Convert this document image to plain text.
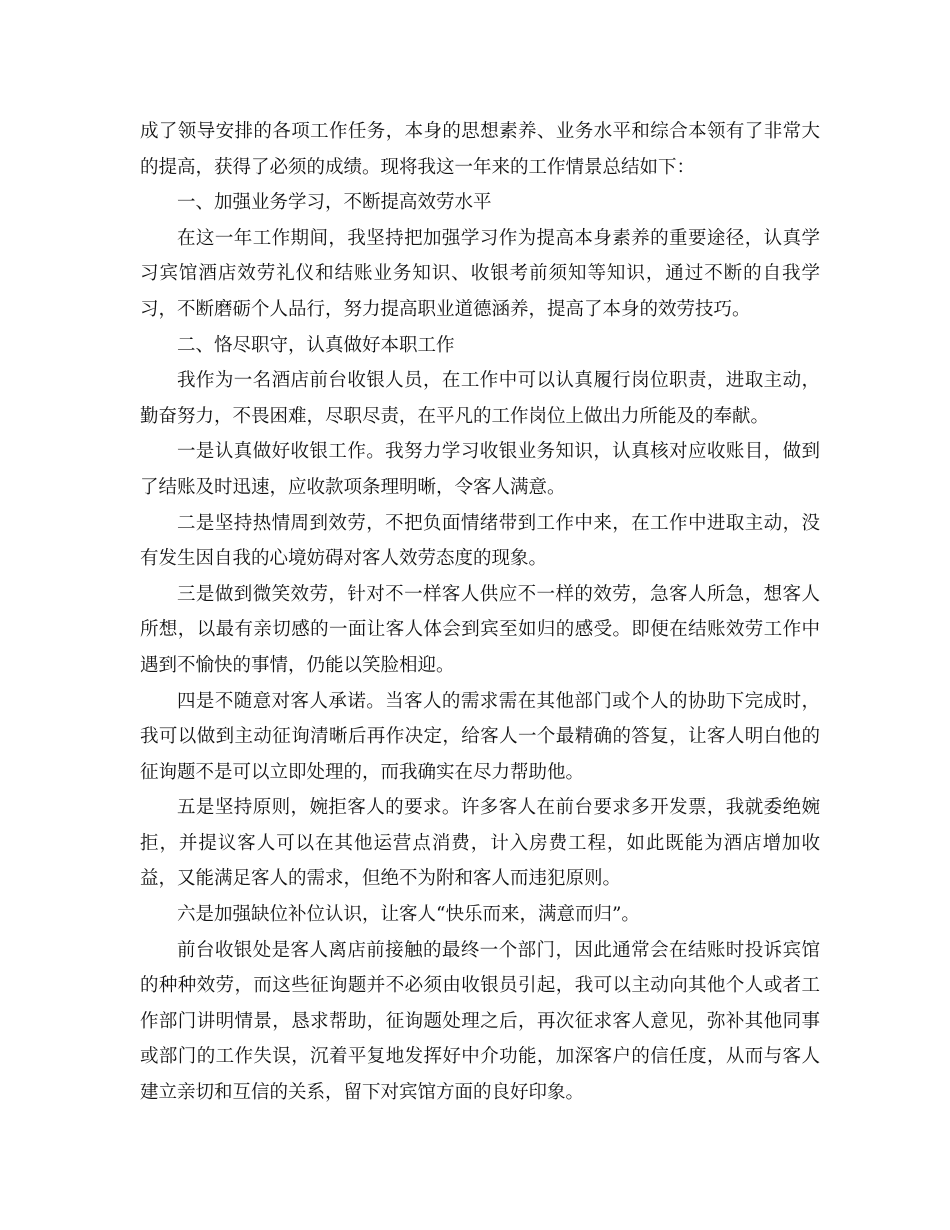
成了领导安排的各项工作任务，本身的思想素养、业务水平和综合本领有了非常大的提高，获得了必须的成绩。现将我这一年来的工作情景总结如下：

一、加强业务学习，不断提高效劳水平

在这一年工作期间，我坚持把加强学习作为提高本身素养的重要途径，认真学习宾馆酒店效劳礼仪和结账业务知识、收银考前须知等知识，通过不断的自我学习，不断磨砺个人品行，努力提高职业道德涵养，提高了本身的效劳技巧。

二、恪尽职守，认真做好本职工作

我作为一名酒店前台收银人员，在工作中可以认真履行岗位职责，进取主动，勤奋努力，不畏困难，尽职尽责，在平凡的工作岗位上做出力所能及的奉献。

一是认真做好收银工作。我努力学习收银业务知识，认真核对应收账目，做到了结账及时迅速，应收款项条理明晰，令客人满意。

二是坚持热情周到效劳，不把负面情绪带到工作中来，在工作中进取主动，没有发生因自我的心境妨碍对客人效劳态度的现象。

三是做到微笑效劳，针对不一样客人供应不一样的效劳，急客人所急，想客人所想，以最有亲切感的一面让客人体会到宾至如归的感受。即便在结账效劳工作中遇到不愉快的事情，仍能以笑脸相迎。

四是不随意对客人承诺。当客人的需求需在其他部门或个人的协助下完成时，我可以做到主动征询清晰后再作决定，给客人一个最精确的答复，让客人明白他的征询题不是可以立即处理的，而我确实在尽力帮助他。

五是坚持原则，婉拒客人的要求。许多客人在前台要求多开发票，我就委绝婉拒，并提议客人可以在其他运营点消费，计入房费工程，如此既能为酒店增加收益，又能满足客人的需求，但绝不为附和客人而违犯原则。

六是加强缺位补位认识，让客人“快乐而来，满意而归”。

前台收银处是客人离店前接触的最终一个部门，因此通常会在结账时投诉宾馆的种种效劳，而这些征询题并不必须由收银员引起，我可以主动向其他个人或者工作部门讲明情景，恳求帮助，征询题处理之后，再次征求客人意见，弥补其他同事或部门的工作失误，沉着平复地发挥好中介功能，加深客户的信任度，从而与客人建立亲切和互信的关系，留下对宾馆方面的良好印象。
